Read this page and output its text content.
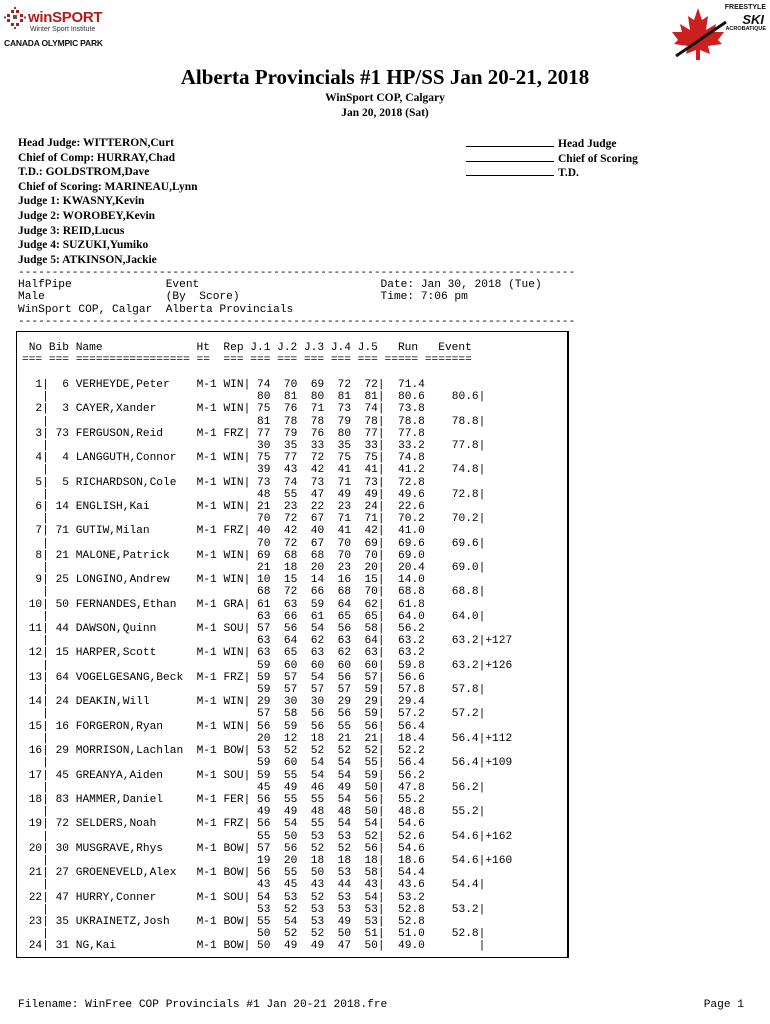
winSPORT
Winter Sport Institute
CANADA OLYMPIC PARK
FREESTYLE
SKI
ACROBATIQUE
Alberta Provincials #1 HP/SS Jan 20-21, 2018
WinSport COP, Calgary
Jan 20, 2018 (Sat)
Head Judge: WITTERON,Curt
Chief of Comp: HURRAY,Chad
T.D.: GOLDSTROM,Dave
Chief of Scoring: MARINEAU,Lynn
Judge 1: KWASNY,Kevin
Judge 2: WOROBEY,Kevin
Judge 3: REID,Lucus
Judge 4: SUZUKI,Yumiko
Judge 5: ATKINSON,Jackie
Head Judge
Chief of Scoring
T.D.
-----------------------------------------------------------------------------------
HalfPipe              Event                           Date: Jan 30, 2018 (Tue)
Male                  (By  Score)                     Time: 7:06 pm
WinSport COP, Calgar  Alberta Provincials
-----------------------------------------------------------------------------------
No Bib Name              Ht  Rep J.1 J.2 J.3 J.4 J.5   Run   Event
=== === ================= ==  === === === === === === ===== =======
1|  6 VERHEYDE,Peter    M-1 WIN| 74  70  69  72  72|  71.4
|	80  81  80  81  81|  80.6    80.6|
2|  3 CAYER,Xander      M-1 WIN| 75  76  71  73  74|  73.8
|	81  78  78  79  78|  78.8    78.8|
3| 73 FERGUSON,Reid     M-1 FRZ| 77  79  76  80  77|  77.8
|	30  35  33  35  33|  33.2    77.8|
4|  4 LANGGUTH,Connor   M-1 WIN| 75  77  72  75  75|  74.8
|	39  43  42  41  41|  41.2    74.8|
5|  5 RICHARDSON,Cole   M-1 WIN| 73  74  73  71  73|  72.8
|	48  55  47  49  49|  49.6    72.8|
6| 14 ENGLISH,Kai       M-1 WIN| 21  23  22  23  24|  22.6
|	70  72  67  71  71|  70.2    70.2|
7| 71 GUTIW,Milan       M-1 FRZ| 40  42  40  41  42|  41.0
|	70  72  67  70  69|  69.6    69.6|
8| 21 MALONE,Patrick    M-1 WIN| 69  68  68  70  70|  69.0
|	21  18  20  23  20|  20.4    69.0|
9| 25 LONGINO,Andrew    M-1 WIN| 10  15  14  16  15|  14.0
|	68  72  66  68  70|  68.8    68.8|
10| 50 FERNANDES,Ethan   M-1 GRA| 61  63  59  64  62|  61.8
|	63  66  61  65  65|  64.0    64.0|
11| 44 DAWSON,Quinn      M-1 SOU| 57  56  54  56  58|  56.2
|	63  64  62  63  64|  63.2    63.2|+127
12| 15 HARPER,Scott      M-1 WIN| 63  65  63  62  63|  63.2
|	59  60  60  60  60|  59.8    63.2|+126
13| 64 VOGELGESANG,Beck  M-1 FRZ| 59  57  54  56  57|  56.6
|	59  57  57  57  59|  57.8    57.8|
14| 24 DEAKIN,Will       M-1 WIN| 29  30  30  29  29|  29.4
|	57  58  56  56  59|  57.2    57.2|
15| 16 FORGERON,Ryan     M-1 WIN| 56  59  56  55  56|  56.4
|	20  12  18  21  21|  18.4    56.4|+112
16| 29 MORRISON,Lachlan  M-1 BOW| 53  52  52  52  52|  52.2
|	59  60  54  54  55|  56.4    56.4|+109
17| 45 GREANYA,Aiden     M-1 SOU| 59  55  54  54  59|  56.2
|	45  49  46  49  50|  47.8    56.2|
18| 83 HAMMER,Daniel     M-1 FER| 56  55  55  54  56|  55.2
|	49  49  48  48  50|  48.8    55.2|
19| 72 SELDERS,Noah      M-1 FRZ| 56  54  55  54  54|  54.6
|	55  50  53  53  52|  52.6    54.6|+162
20| 30 MUSGRAVE,Rhys     M-1 BOW| 57  56  52  52  56|  54.6
|	19  20  18  18  18|  18.6    54.6|+160
21| 27 GROENEVELD,Alex   M-1 BOW| 56  55  50  53  58|  54.4
|	43  45  43  44  43|  43.6    54.4|
22| 47 HURRY,Conner      M-1 SOU| 54  53  52  53  54|  53.2
|	53  52  53  53  53|  52.8    53.2|
23| 35 UKRAINETZ,Josh    M-1 BOW| 55  54  53  49  53|  52.8
|	50  52  52  50  51|  51.0    52.8|
24| 31 NG,Kai            M-1 BOW| 50  49  49  47  50|  49.0	|
Filename: WinFree COP Provincials #1 Jan 20-21 2018.fre	Page 1
